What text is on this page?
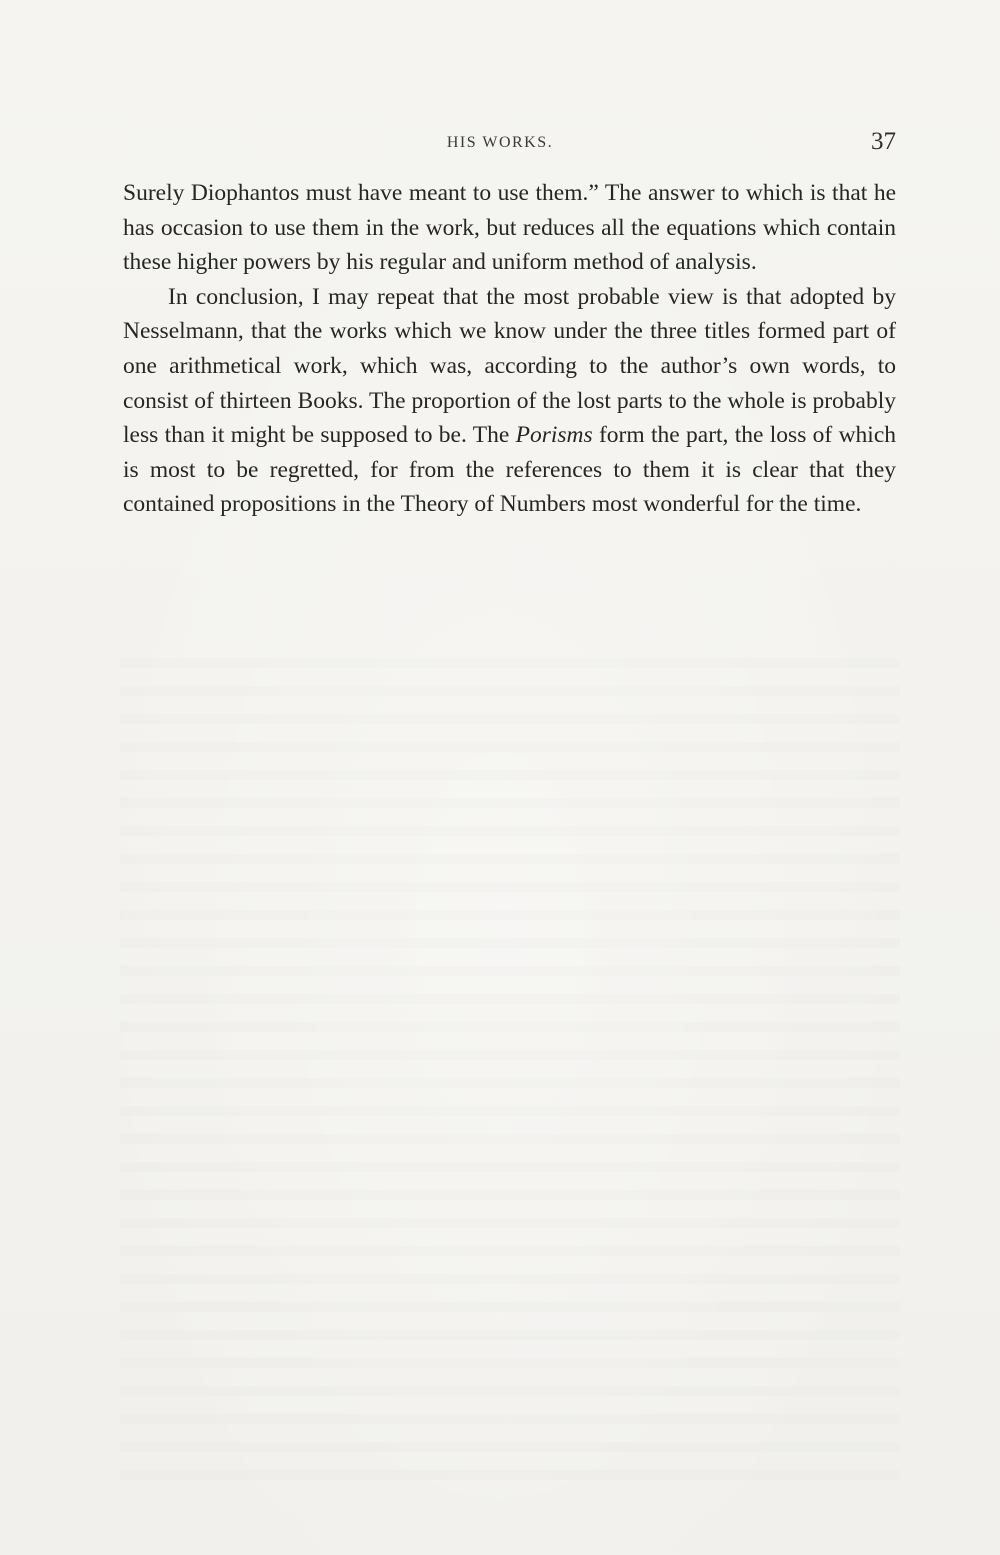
HIS WORKS.	37

Surely Diophantos must have meant to use them.” The answer to which is that he has occasion to use them in the work, but reduces all the equations which contain these higher powers by his regular and uniform method of analysis.

In conclusion, I may repeat that the most probable view is that adopted by Nesselmann, that the works which we know under the three titles formed part of one arithmetical work, which was, according to the author’s own words, to consist of thirteen Books. The proportion of the lost parts to the whole is probably less than it might be supposed to be. The Porisms form the part, the loss of which is most to be regretted, for from the references to them it is clear that they contained propositions in the Theory of Numbers most wonderful for the time.
